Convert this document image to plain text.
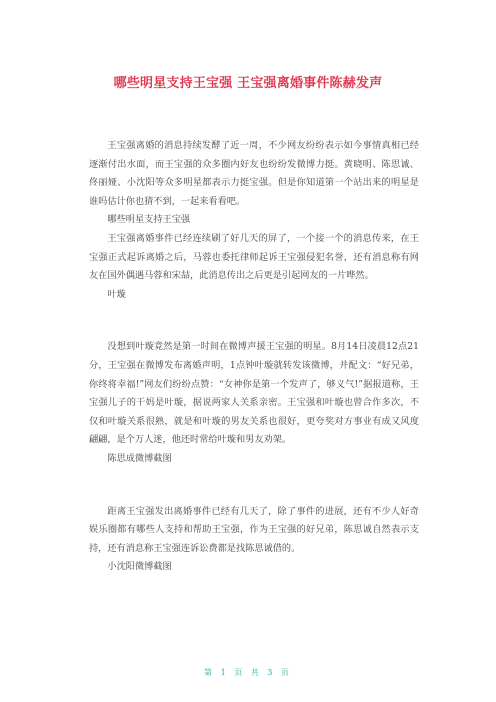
哪些明星支持王宝强 王宝强离婚事件陈赫发声

王宝强离婚的消息持续发酵了近一周，不少网友纷纷表示如今事情真相已经逐渐付出水面，而王宝强的众多圈内好友也纷纷发微博力挺。黄晓明、陈思诚、佟丽娅、小沈阳等众多明星都表示力挺宝强。但是你知道第一个站出来的明星是谁吗估计你也猜不到，一起来看看吧。

哪些明星支持王宝强

王宝强离婚事件已经连续刷了好几天的屏了，一个接一个的消息传来，在王宝强正式起诉离婚之后，马蓉也委托律师起诉王宝强侵犯名誉，还有消息称有网友在国外偶遇马蓉和宋喆，此消息传出之后更是引起网友的一片哗然。

叶璇

没想到叶璇竟然是第一时间在微博声援王宝强的明星。8月14日凌晨12点21分，王宝强在微博发布离婚声明，1点钟叶璇就转发该微博，并配文：“好兄弟，你终将幸福!”网友们纷纷点赞：“女神你是第一个发声了，够义气!”据报道称，王宝强儿子的干妈是叶璇，据说两家人关系亲密。王宝强和叶璇也曾合作多次，不仅和叶璇关系很熟，就是和叶璇的男友关系也很好，更夸奖对方事业有成又风度翩翩，是个万人迷，他还时常给叶璇和男友劝架。

陈思成微博截图

距离王宝强发出离婚事件已经有几天了，除了事件的进展，还有不少人好奇娱乐圈都有哪些人支持和帮助王宝强，作为王宝强的好兄弟，陈思诚自然表示支持，还有消息称王宝强连诉讼费都是找陈思诚借的。

小沈阳微博截图

第 1 页 共 3 页
